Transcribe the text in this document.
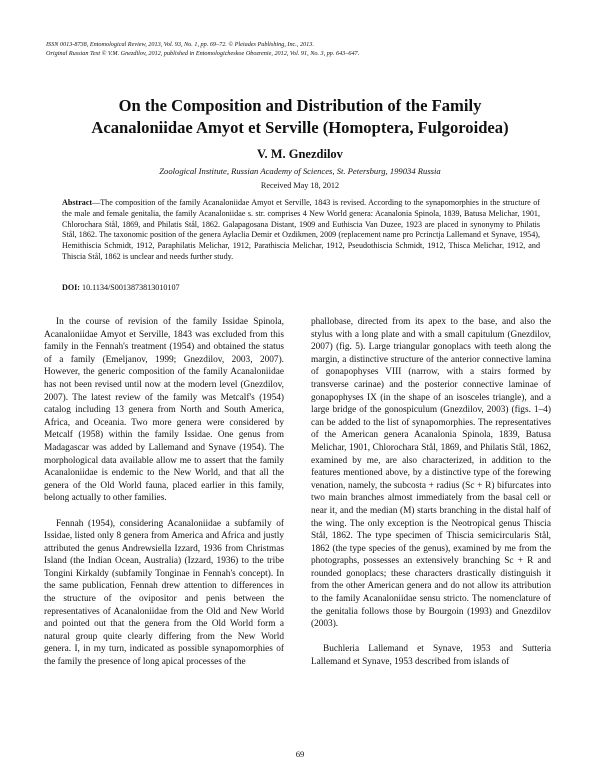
ISSN 0013-8738, Entomological Review, 2013, Vol. 93, No. 1, pp. 69–72. © Pleiades Publishing, Inc., 2013.
Original Russian Text © V.M. Gnezdilov, 2012, published in Entomologicheskoe Obozrenie, 2012, Vol. 91, No. 3, pp. 643–647.
On the Composition and Distribution of the Family
Acanaloniidae Amyot et Serville (Homoptera, Fulgoroidea)
V. M. Gnezdilov
Zoological Institute, Russian Academy of Sciences, St. Petersburg, 199034 Russia
Received May 18, 2012
Abstract—The composition of the family Acanaloniidae Amyot et Serville, 1843 is revised. According to the synapomorphies in the structure of the male and female genitalia, the family Acanaloniidae s. str. comprises 4 New World genera: Acanalonia Spinola, 1839, Batusa Melichar, 1901, Chlorochara Stål, 1869, and Philatis Stål, 1862. Galapagosana Distant, 1909 and Euthiscia Van Duzee, 1923 are placed in synonymy to Philatis Stål, 1862. The taxonomic position of the genera Aylaclia Demir et Ozdikmen, 2009 (replacement name pro Pcrinctja Lallemand et Synave, 1954), Hemithiscia Schmidt, 1912, Paraphilatis Melichar, 1912, Parathiscia Melichar, 1912, Pseudothiscia Schmidt, 1912, Thisca Melichar, 1912, and Thiscia Stål, 1862 is unclear and needs further study.
DOI: 10.1134/S0013873813010107

In the course of revision of the family Issidae Spinola, Acanaloniidae Amyot et Serville, 1843 was excluded from this family in the Fennah's treatment (1954) and obtained the status of a family (Emeljanov, 1999; Gnezdilov, 2003, 2007). However, the generic composition of the family Acanaloniidae has not been revised until now at the modern level (Gnezdilov, 2007). The latest review of the family was Metcalf's (1954) catalog including 13 genera from North and South America, Africa, and Oceania. Two more genera were considered by Metcalf (1958) within the family Issidae. One genus from Madagascar was added by Lallemand and Synave (1954). The morphological data available allow me to assert that the family Acanaloniidae is endemic to the New World, and that all the genera of the Old World fauna, placed earlier in this family, belong actually to other families.

Fennah (1954), considering Acanaloniidae a subfamily of Issidae, listed only 8 genera from America and Africa and justly attributed the genus Andrewsiella Izzard, 1936 from Christmas Island (the Indian Ocean, Australia) (Izzard, 1936) to the tribe Tongini Kirkaldy (subfamily Tonginae in Fennah's concept). In the same publication, Fennah drew attention to differences in the structure of the ovipositor and penis between the representatives of Acanaloniidae from the Old and New World and pointed out that the genera from the Old World form a natural group quite clearly differing from the New World genera. I, in my turn, indicated as possible synapomorphies of the family the presence of long apical processes of the

phallobase, directed from its apex to the base, and also the stylus with a long plate and with a small capitulum (Gnezdilov, 2007) (fig. 5). Large triangular gonoplacs with teeth along the margin, a distinctive structure of the anterior connective lamina of gonapophyses VIII (narrow, with a stairs formed by transverse carinae) and the posterior connective laminae of gonapophyses IX (in the shape of an isosceles triangle), and a large bridge of the gonospiculum (Gnezdilov, 2003) (figs. 1–4) can be added to the list of synapomorphies. The representatives of the American genera Acanalonia Spinola, 1839, Batusa Melichar, 1901, Chlorochara Stål, 1869, and Philatis Stål, 1862, examined by me, are also characterized, in addition to the features mentioned above, by a distinctive type of the forewing venation, namely, the subcosta + radius (Sc + R) bifurcates into two main branches almost immediately from the basal cell or near it, and the median (M) starts branching in the distal half of the wing. The only exception is the Neotropical genus Thiscia Stål, 1862. The type specimen of Thiscia semicircularis Stål, 1862 (the type species of the genus), examined by me from the photographs, possesses an extensively branching Sc + R and rounded gonoplacs; these characters drastically distinguish it from the other American genera and do not allow its attribution to the family Acanaloniidae sensu stricto. The nomenclature of the genitalia follows those by Bourgoin (1993) and Gnezdilov (2003).

Buchleria Lallemand et Synave, 1953 and Sutteria Lallemand et Synave, 1953 described from islands of

69
